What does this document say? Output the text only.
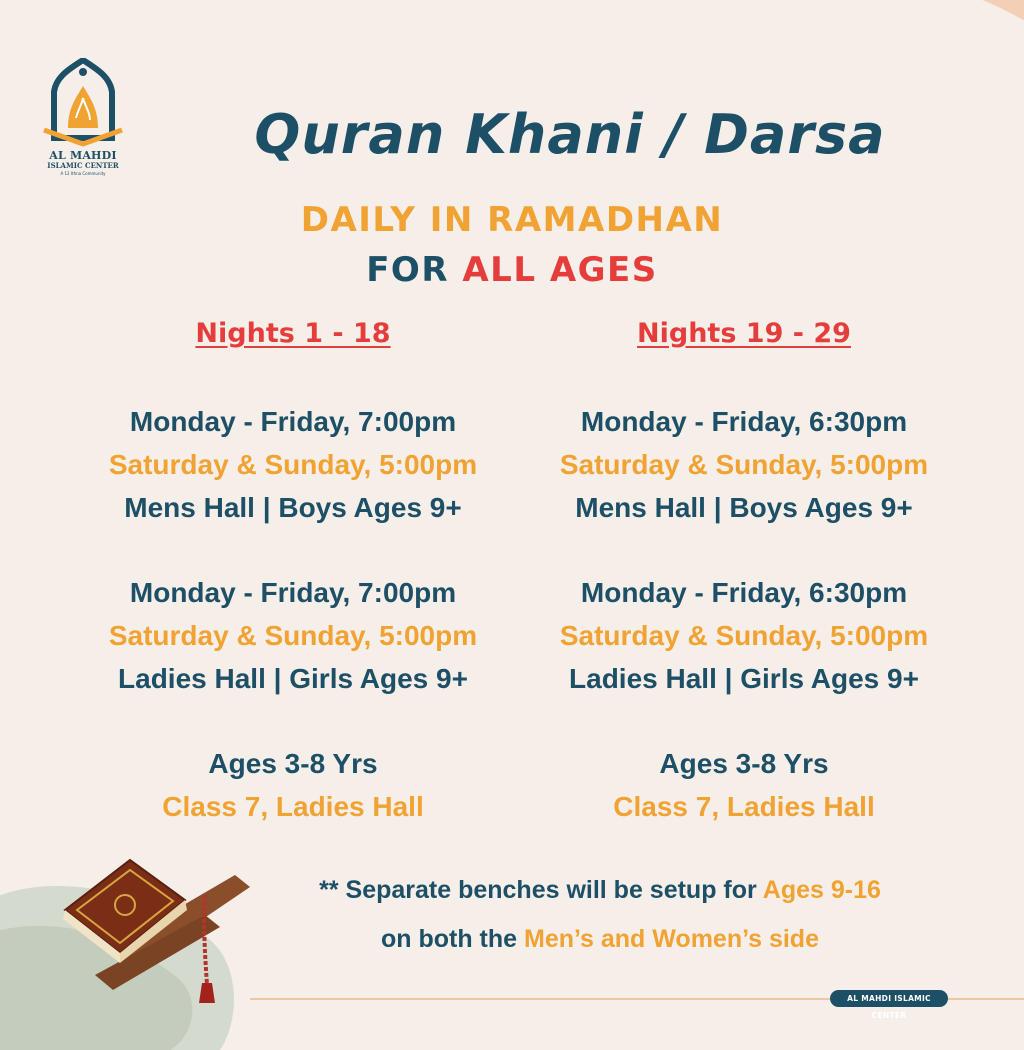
AL MAHDI
ISLAMIC CENTER
A 12 Ithna Community
Quran Khani / Darsa
DAILY IN RAMADHAN
FOR ALL AGES
Nights 1 - 18
Monday - Friday, 7:00pm
Saturday & Sunday, 5:00pm
Mens Hall | Boys Ages 9+
Monday - Friday, 7:00pm
Saturday & Sunday, 5:00pm
Ladies Hall | Girls Ages 9+
Ages 3-8 Yrs
Class 7, Ladies Hall
Nights 19 - 29
Monday - Friday, 6:30pm
Saturday & Sunday, 5:00pm
Mens Hall | Boys Ages 9+
Monday - Friday, 6:30pm
Saturday & Sunday, 5:00pm
Ladies Hall | Girls Ages 9+
Ages 3-8 Yrs
Class 7, Ladies Hall
** Separate benches will be setup for Ages 9-16
on both the Men’s and Women’s side
AL MAHDI ISLAMIC CENTER
